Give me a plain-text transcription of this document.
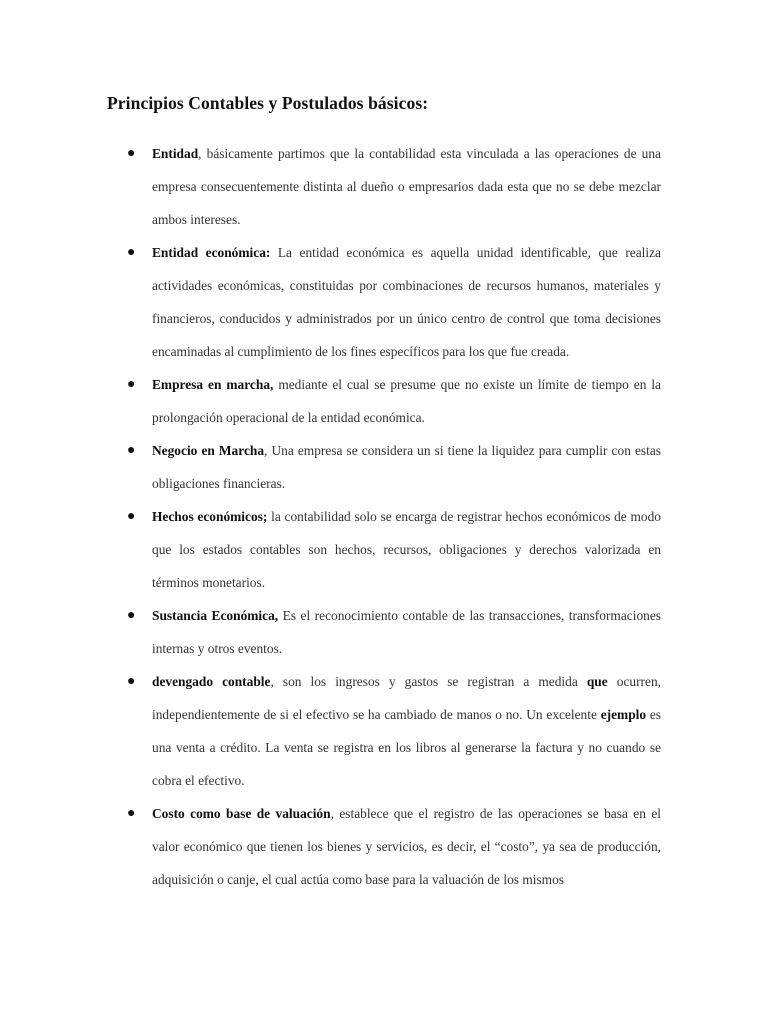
Principios Contables y Postulados básicos:
● Entidad, básicamente partimos que la contabilidad esta vinculada a las operaciones de una empresa consecuentemente distinta al dueño o empresarios dada esta que no se debe mezclar ambos intereses.
● Entidad económica: La entidad económica es aquella unidad identificable, que realiza actividades económicas, constituidas por combinaciones de recursos humanos, materiales y financieros, conducidos y administrados por un único centro de control que toma decisiones encaminadas al cumplimiento de los fines específicos para los que fue creada.
● Empresa en marcha, mediante el cual se presume que no existe un límite de tiempo en la prolongación operacional de la entidad económica.
● Negocio en Marcha, Una empresa se considera un si tiene la liquidez para cumplir con estas obligaciones financieras.
● Hechos económicos; la contabilidad solo se encarga de registrar hechos económicos de modo que los estados contables son hechos, recursos, obligaciones y derechos valorizada en términos monetarios.
● Sustancia Económica, Es el reconocimiento contable de las transacciones, transformaciones internas y otros eventos.
● devengado contable, son los ingresos y gastos se registran a medida que ocurren, independientemente de si el efectivo se ha cambiado de manos o no. Un excelente ejemplo es una venta a crédito. La venta se registra en los libros al generarse la factura y no cuando se cobra el efectivo.
● Costo como base de valuación, establece que el registro de las operaciones se basa en el valor económico que tienen los bienes y servicios, es decir, el “costo”, ya sea de producción, adquisición o canje, el cual actúa como base para la valuación de los mismos
